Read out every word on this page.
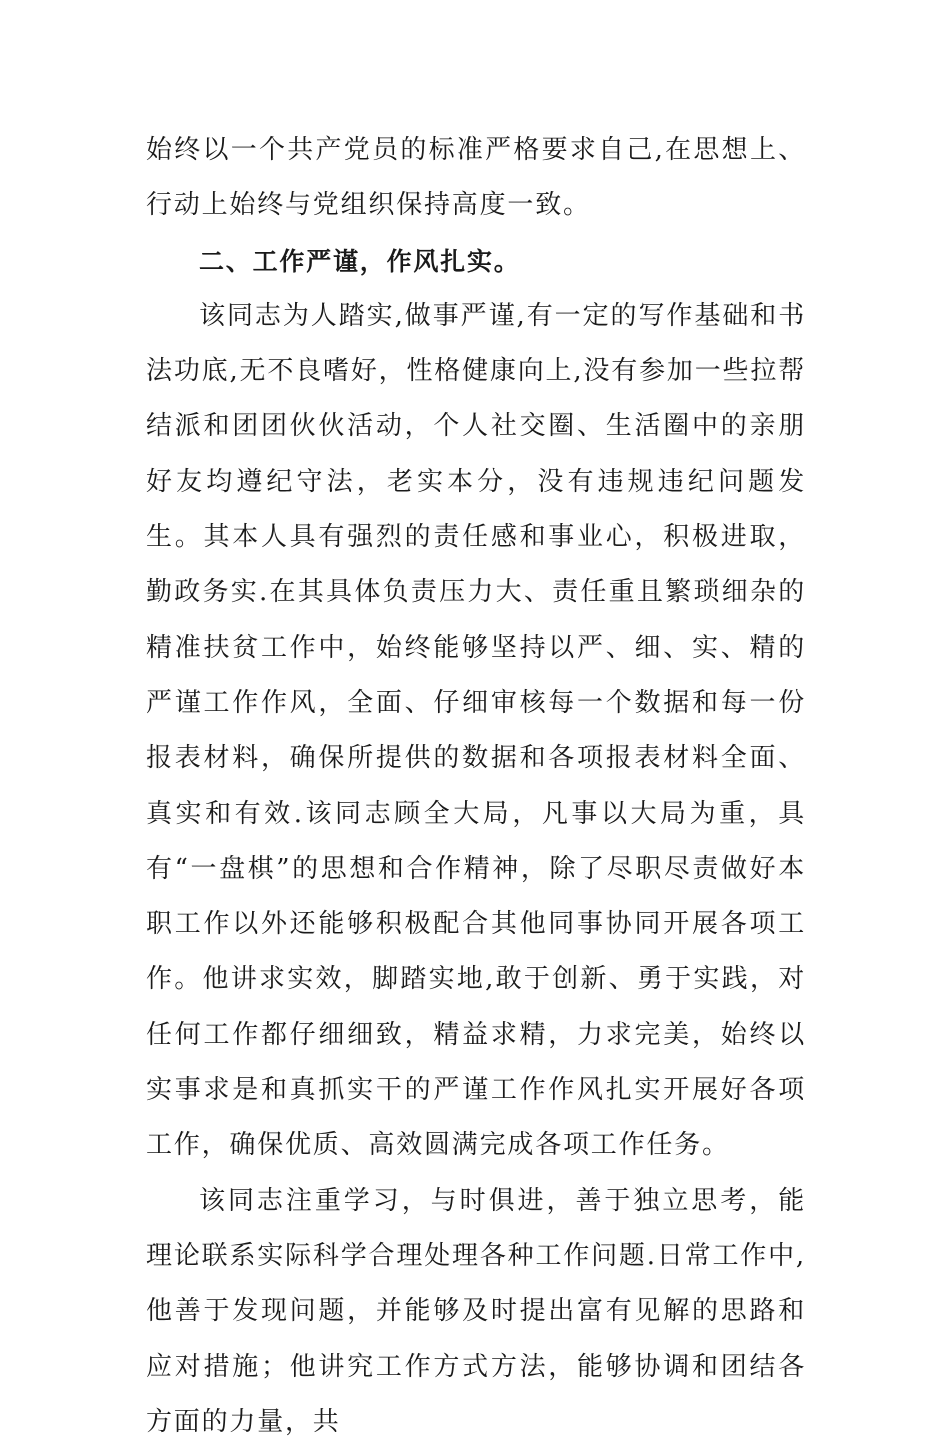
始终以一个共产党员的标准严格要求自己,在思想上、行动上始终与党组织保持高度一致。

二、工作严谨，作风扎实。

该同志为人踏实,做事严谨,有一定的写作基础和书法功底,无不良嗜好，性格健康向上,没有参加一些拉帮结派和团团伙伙活动，个人社交圈、生活圈中的亲朋好友均遵纪守法，老实本分，没有违规违纪问题发生。其本人具有强烈的责任感和事业心，积极进取，勤政务实.在其具体负责压力大、责任重且繁琐细杂的精准扶贫工作中，始终能够坚持以严、细、实、精的严谨工作作风，全面、仔细审核每一个数据和每一份报表材料，确保所提供的数据和各项报表材料全面、真实和有效.该同志顾全大局，凡事以大局为重，具有“一盘棋”的思想和合作精神，除了尽职尽责做好本职工作以外还能够积极配合其他同事协同开展各项工作。他讲求实效，脚踏实地,敢于创新、勇于实践，对任何工作都仔细细致，精益求精，力求完美，始终以实事求是和真抓实干的严谨工作作风扎实开展好各项工作，确保优质、高效圆满完成各项工作任务。

该同志注重学习，与时俱进，善于独立思考，能理论联系实际科学合理处理各种工作问题.日常工作中,他善于发现问题，并能够及时提出富有见解的思路和应对措施；他讲究工作方式方法，能够协调和团结各方面的力量，共
